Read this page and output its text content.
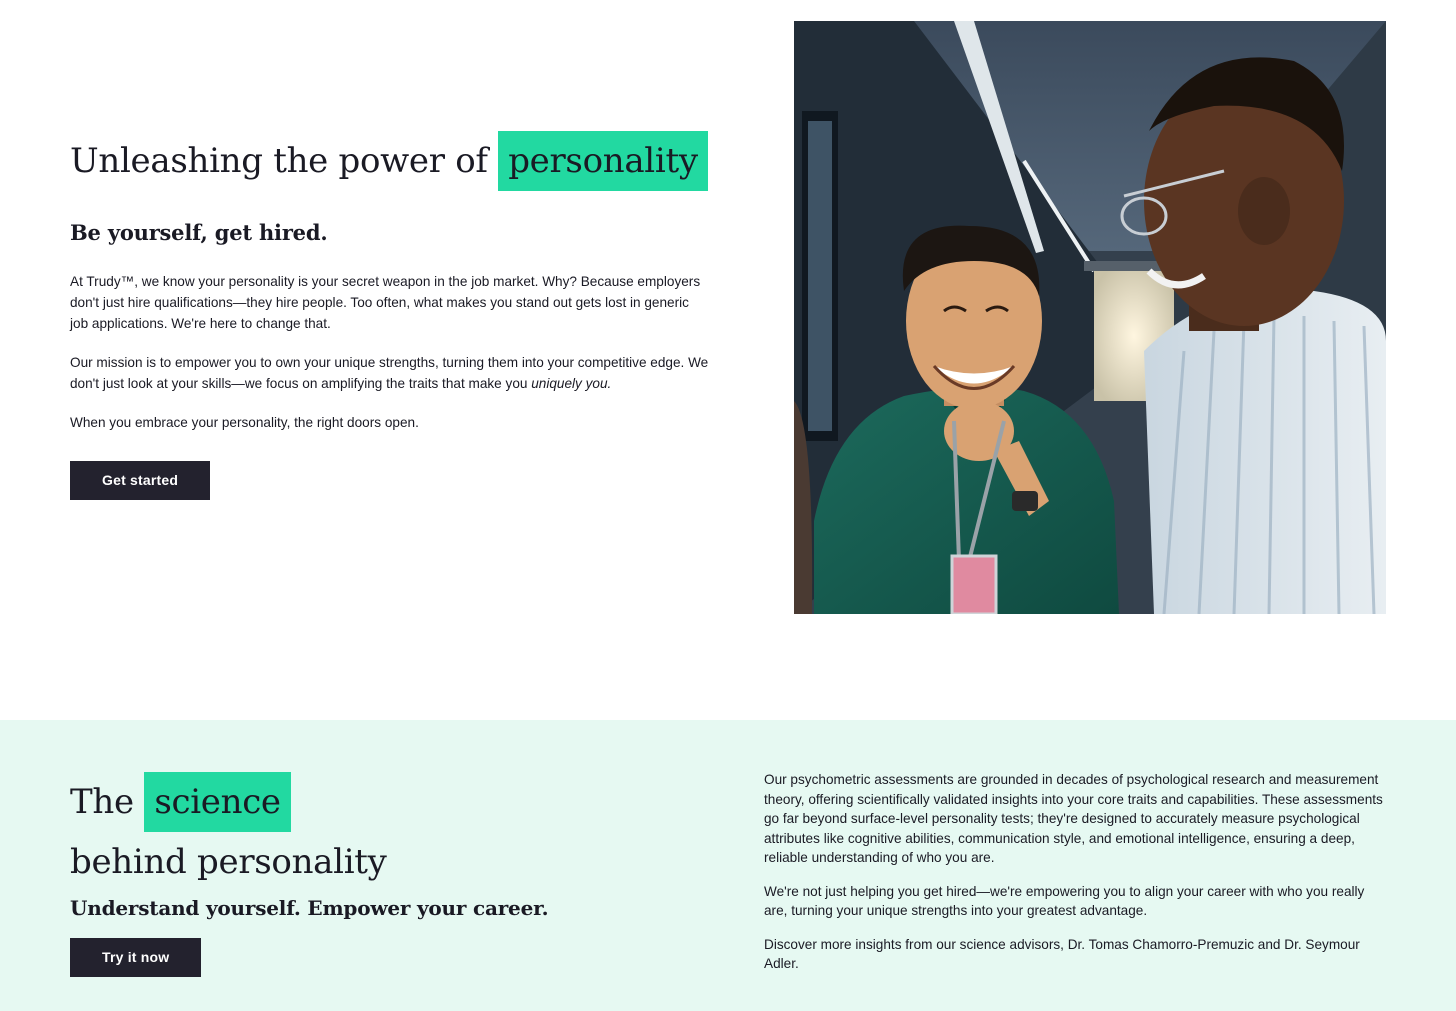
Unleashing the power of personality
Be yourself, get hired.

At Trudy™, we know your personality is your secret weapon in the job market. Why? Because employers don't just hire qualifications—they hire people. Too often, what makes you stand out gets lost in generic job applications. We're here to change that.

Our mission is to empower you to own your unique strengths, turning them into your competitive edge. We don't just look at your skills—we focus on amplifying the traits that make you uniquely you.

When you embrace your personality, the right doors open.

Get started
The science
behind personality
Understand yourself. Empower your career.
Try it now

Our psychometric assessments are grounded in decades of psychological research and measurement theory, offering scientifically validated insights into your core traits and capabilities. These assessments go far beyond surface-level personality tests; they're designed to accurately measure psychological attributes like cognitive abilities, communication style, and emotional intelligence, ensuring a deep, reliable understanding of who you are.

We're not just helping you get hired—we're empowering you to align your career with who you really are, turning your unique strengths into your greatest advantage.

Discover more insights from our science advisors, Dr. Tomas Chamorro-Premuzic and Dr. Seymour Adler.
